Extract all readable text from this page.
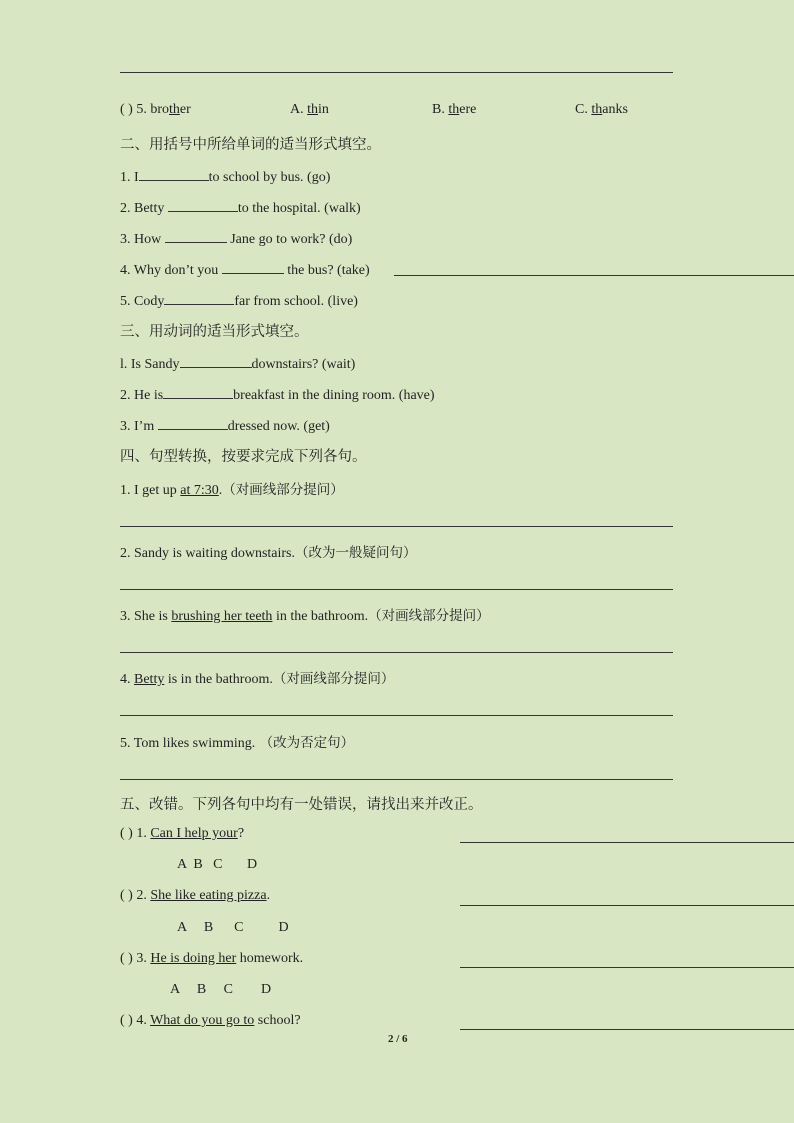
( ) 5. brother	A. thin	B. there	C. thanks
二、用括号中所给单词的适当形式填空。
1. I	to school by bus. (go)
2. Betty	to the hospital. (walk)
3. How	Jane go to work? (do)
4. Why don’t you	the bus? (take)
5. Cody	far from school. (live)
三、用动词的适当形式填空。
l. Is Sandy	downstairs? (wait)
2. He is	breakfast in the dining room. (have)
3. I’m	dressed now. (get)
四、句型转换，按要求完成下列各句。
1. I get up at 7:30.（对画线部分提问）
2. Sandy is waiting downstairs.（改为一般疑问句）
3. She is brushing her teeth in the bathroom.（对画线部分提问）
4. Betty is in the bathroom.（对画线部分提问）
5. Tom likes swimming. （改为否定句）
五、改错。下列各句中均有一处错误，请找出来并改正。
( ) 1. Can I help your?
A  B   C       D
( ) 2. She like eating pizza.
A     B      C          D
( ) 3. He is doing her homework.
A     B     C        D
( ) 4. What do you go to school?
2 / 6
